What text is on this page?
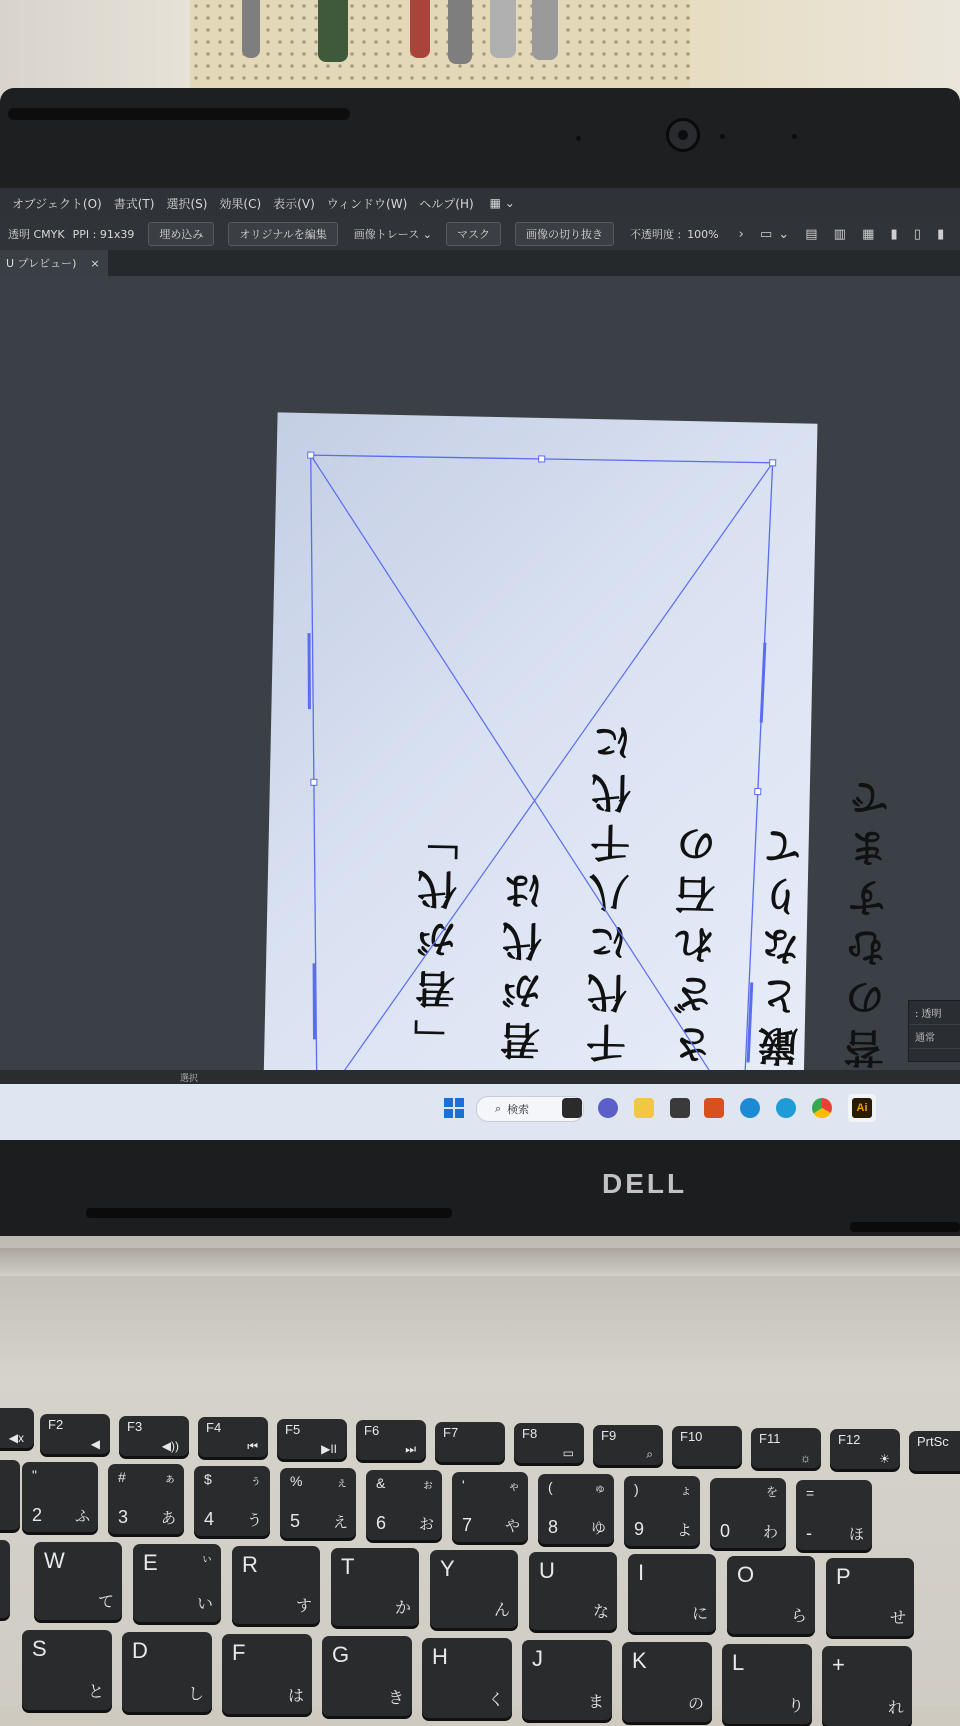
オブジェクト(O) 書式(T) 選択(S) 効果(C) 表示(V) ウィンドウ(W) ヘルプ(H) ▦ ⌄
透明 CMYK PPI : 91x39	埋め込み	オリジナルを編集	画像トレース ⌄	マスク	画像の切り抜き	不透明度 : 100% › ▭⌄ ▤ ▥ ▦ ▮ ▯ ▮
U プレビュー) ×
「君が代」 君が代は 千代に八千代に さざれ石の 巌となりて 苔のむすまで	: 透明
通常
選択
⌕ 検索	Ai
DELL
◀x
F2
◀
F3
◀))
F4
⏮
F5
▶II
F6
⏭
F7	F8
▭
F9
⌕
F10	F11
☼
F12
☀
PrtSc
"
2 ふ
#	ぁ
3 あ
$	ぅ
4 う
%	ぇ
5 え
&	ぉ
6 お
'	ゃ
7 や
(	ゅ
8 ゆ
)	ょ
9 よ
を
0 わ
=
- ほ
W
て
E
い
ぃ R
す
T
か
Y
ん
U
な
I
に
O
ら
P
せ
S
と
D
し
F
は
G
き
H
く
J
ま
K
の
L
り
+
れ
